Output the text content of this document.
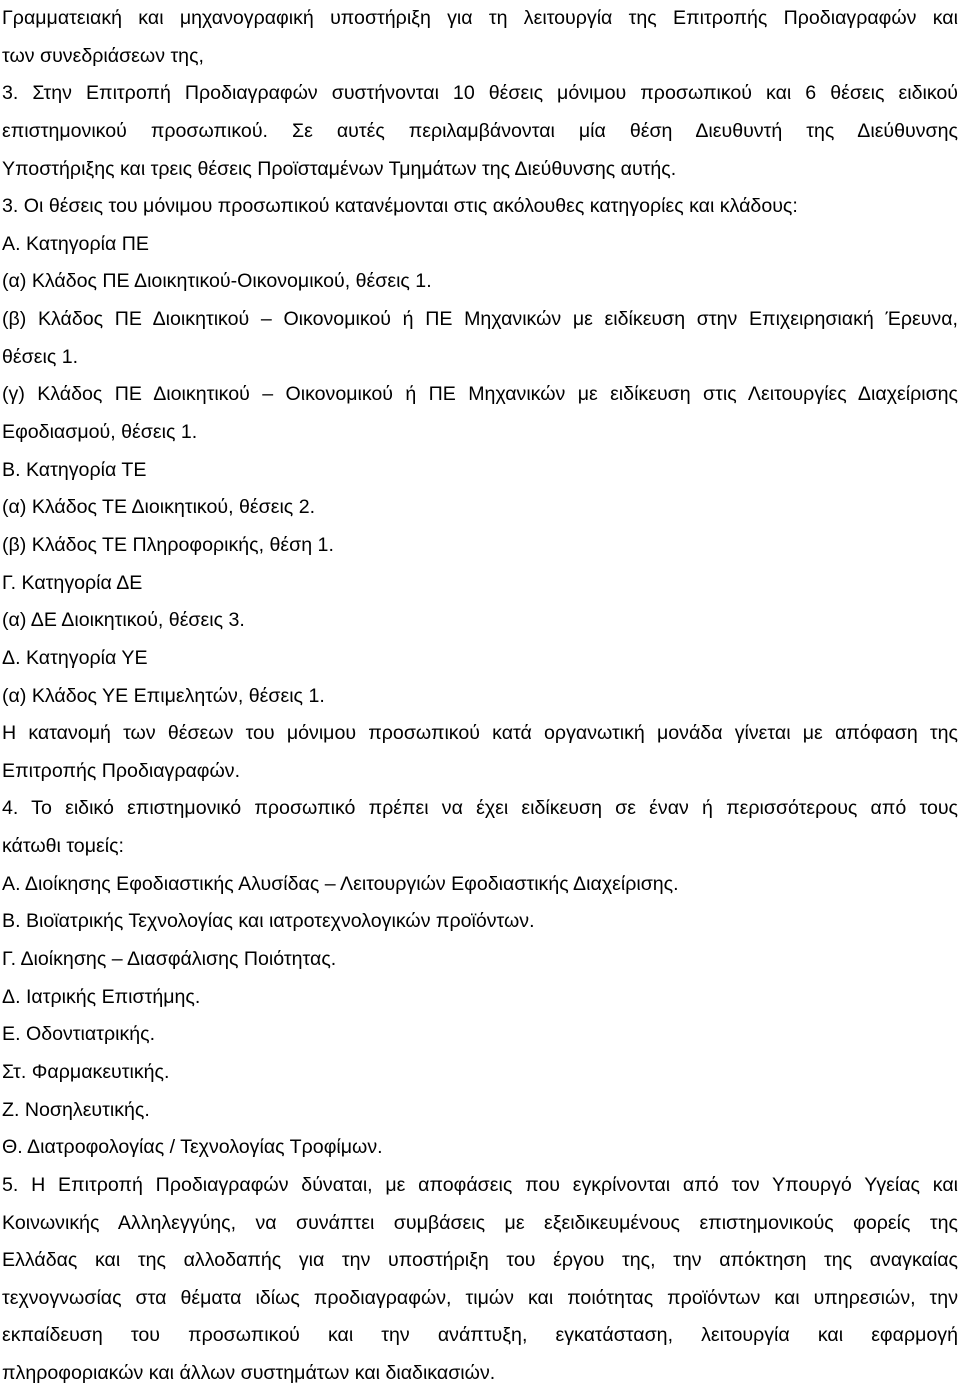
Γραμματειακή και μηχανογραφική υποστήριξη για τη λειτουργία της Επιτροπής Προδιαγραφών και
των συνεδριάσεων της,
3. Στην Επιτροπή Προδιαγραφών συστήνονται 10 θέσεις μόνιμου προσωπικού και 6 θέσεις ειδικού
επιστημονικού προσωπικού. Σε αυτές περιλαμβάνονται μία θέση Διευθυντή της Διεύθυνσης
Υποστήριξης και τρεις θέσεις Προϊσταμένων Τμημάτων της Διεύθυνσης αυτής.
3. Οι θέσεις του μόνιμου προσωπικού κατανέμονται στις ακόλουθες κατηγορίες και κλάδους:
Α. Κατηγορία ΠΕ
(α) Κλάδος ΠΕ Διοικητικού-Οικονομικού, θέσεις 1.
(β) Κλάδος ΠΕ Διοικητικού – Οικονομικού ή ΠΕ Μηχανικών με ειδίκευση στην Επιχειρησιακή Έρευνα,
θέσεις 1.
(γ) Κλάδος ΠΕ Διοικητικού – Οικονομικού ή ΠΕ Μηχανικών με ειδίκευση στις Λειτουργίες Διαχείρισης
Εφοδιασμού, θέσεις 1.
Β. Κατηγορία ΤΕ
(α) Κλάδος ΤΕ Διοικητικού, θέσεις 2.
(β) Κλάδος ΤΕ Πληροφορικής, θέση 1.
Γ. Κατηγορία ΔΕ
(α) ΔΕ Διοικητικού, θέσεις 3.
Δ. Κατηγορία ΥΕ
(α) Κλάδος ΥΕ Επιμελητών, θέσεις 1.
Η κατανομή των θέσεων του μόνιμου προσωπικού κατά οργανωτική μονάδα γίνεται με απόφαση της
Επιτροπής Προδιαγραφών.
4. Το ειδικό επιστημονικό προσωπικό πρέπει να έχει ειδίκευση σε έναν ή περισσότερους από τους
κάτωθι τομείς:
Α. Διοίκησης Εφοδιαστικής Αλυσίδας – Λειτουργιών Εφοδιαστικής Διαχείρισης.
Β. Βιοϊατρικής Τεχνολογίας και ιατροτεχνολογικών προϊόντων.
Γ. Διοίκησης – Διασφάλισης Ποιότητας.
Δ. Ιατρικής Επιστήμης.
Ε. Οδοντιατρικής.
Στ. Φαρμακευτικής.
Ζ. Νοσηλευτικής.
Θ. Διατροφολογίας / Τεχνολογίας Τροφίμων.
5. Η Επιτροπή Προδιαγραφών δύναται, με αποφάσεις που εγκρίνονται από τον Υπουργό Υγείας και
Κοινωνικής Αλληλεγγύης, να συνάπτει συμβάσεις με εξειδικευμένους επιστημονικούς φορείς της
Ελλάδας και της αλλοδαπής για την υποστήριξη του έργου της, την απόκτηση της αναγκαίας
τεχνογνωσίας στα θέματα ιδίως προδιαγραφών, τιμών και ποιότητας προϊόντων και υπηρεσιών, την
εκπαίδευση του προσωπικού και την ανάπτυξη, εγκατάσταση, λειτουργία και εφαρμογή
πληροφοριακών και άλλων συστημάτων και διαδικασιών.
